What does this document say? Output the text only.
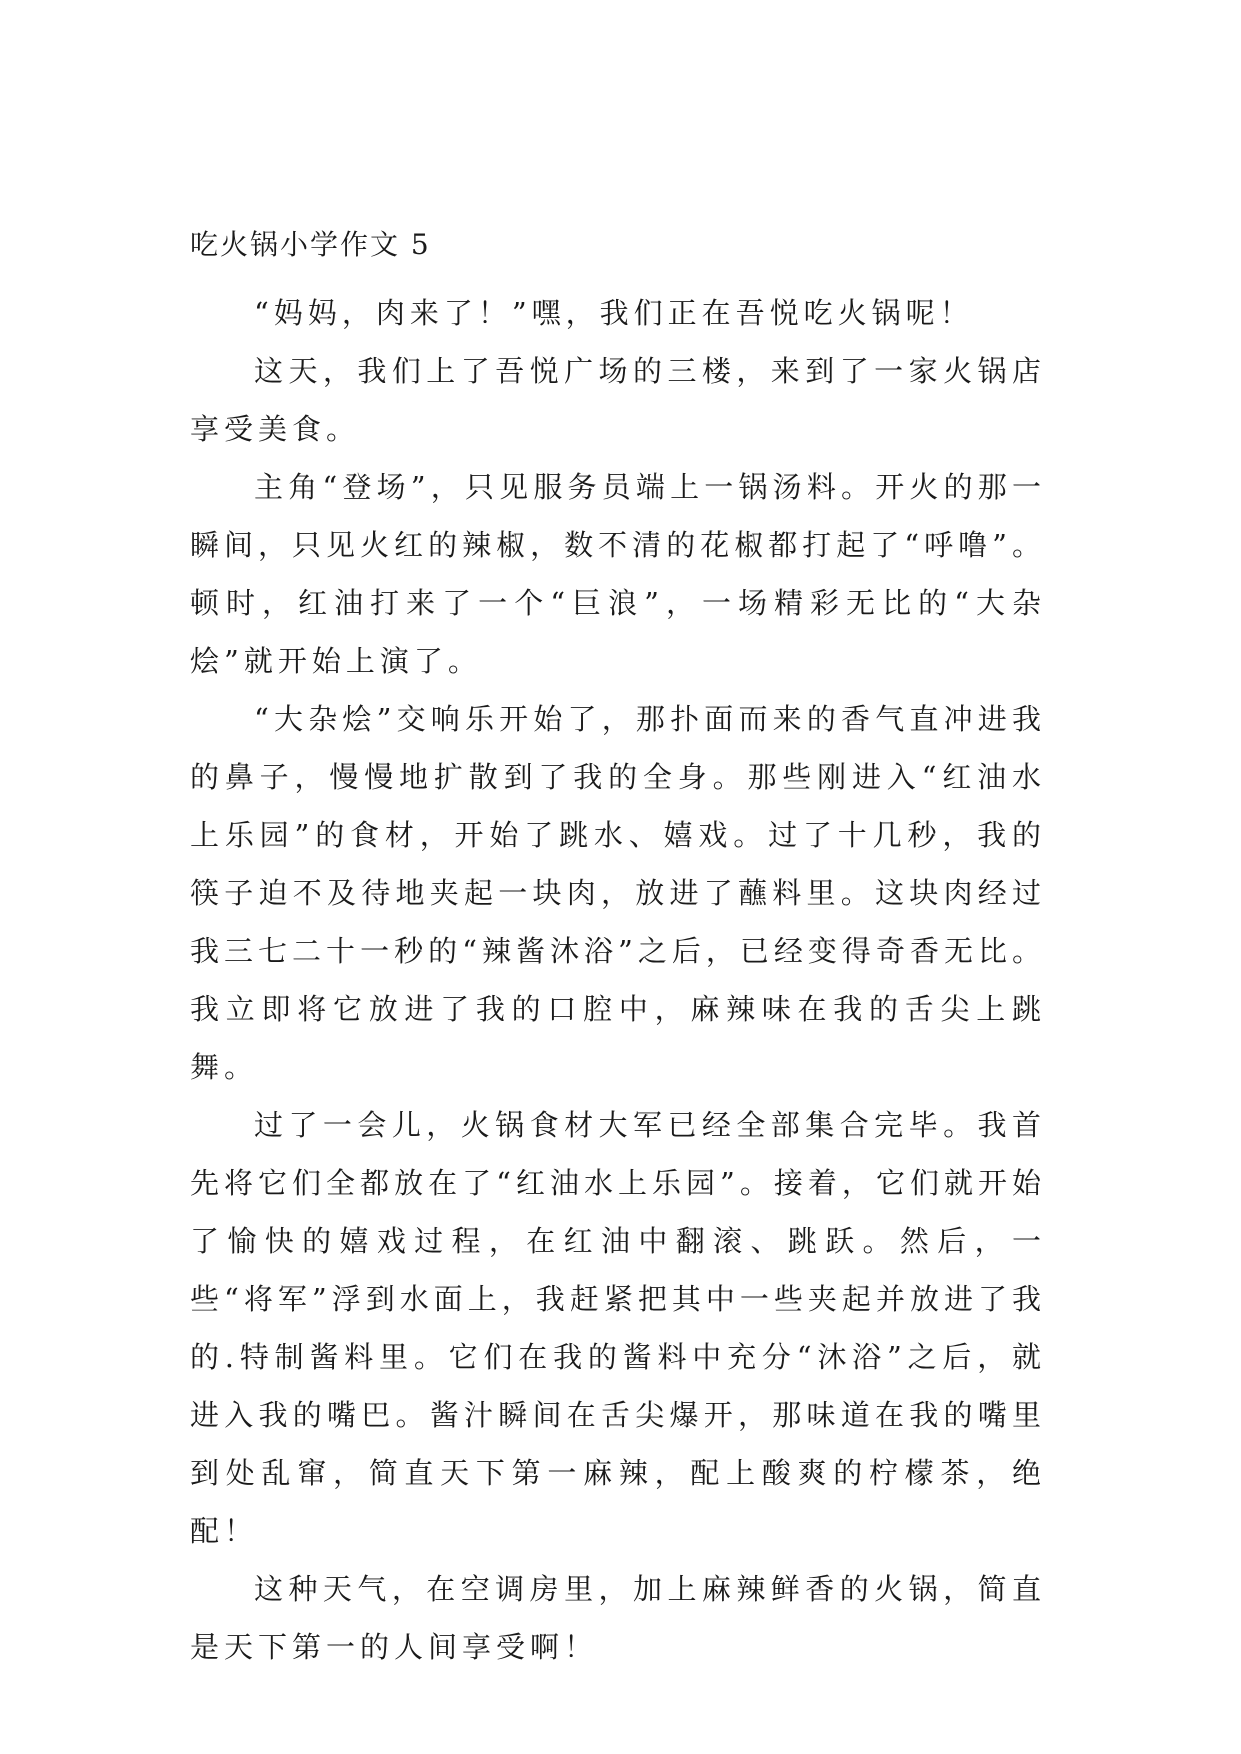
吃火锅小学作文 5

“妈妈，肉来了！”嘿，我们正在吾悦吃火锅呢！

这天，我们上了吾悦广场的三楼，来到了一家火锅店享受美食。

主角“登场”，只见服务员端上一锅汤料。开火的那一瞬间，只见火红的辣椒，数不清的花椒都打起了“呼噜”。顿时，红油打来了一个“巨浪”，一场精彩无比的“大杂烩”就开始上演了。

“大杂烩”交响乐开始了，那扑面而来的香气直冲进我的鼻子，慢慢地扩散到了我的全身。那些刚进入“红油水上乐园”的食材，开始了跳水、嬉戏。过了十几秒，我的筷子迫不及待地夹起一块肉，放进了蘸料里。这块肉经过我三七二十一秒的“辣酱沐浴”之后，已经变得奇香无比。我立即将它放进了我的口腔中，麻辣味在我的舌尖上跳舞。

过了一会儿，火锅食材大军已经全部集合完毕。我首先将它们全都放在了“红油水上乐园”。接着，它们就开始了愉快的嬉戏过程，在红油中翻滚、跳跃。然后，一些“将军”浮到水面上，我赶紧把其中一些夹起并放进了我的.特制酱料里。它们在我的酱料中充分“沐浴”之后，就进入我的嘴巴。酱汁瞬间在舌尖爆开，那味道在我的嘴里到处乱窜，简直天下第一麻辣，配上酸爽的柠檬茶，绝配！

这种天气，在空调房里，加上麻辣鲜香的火锅，简直是天下第一的人间享受啊！
